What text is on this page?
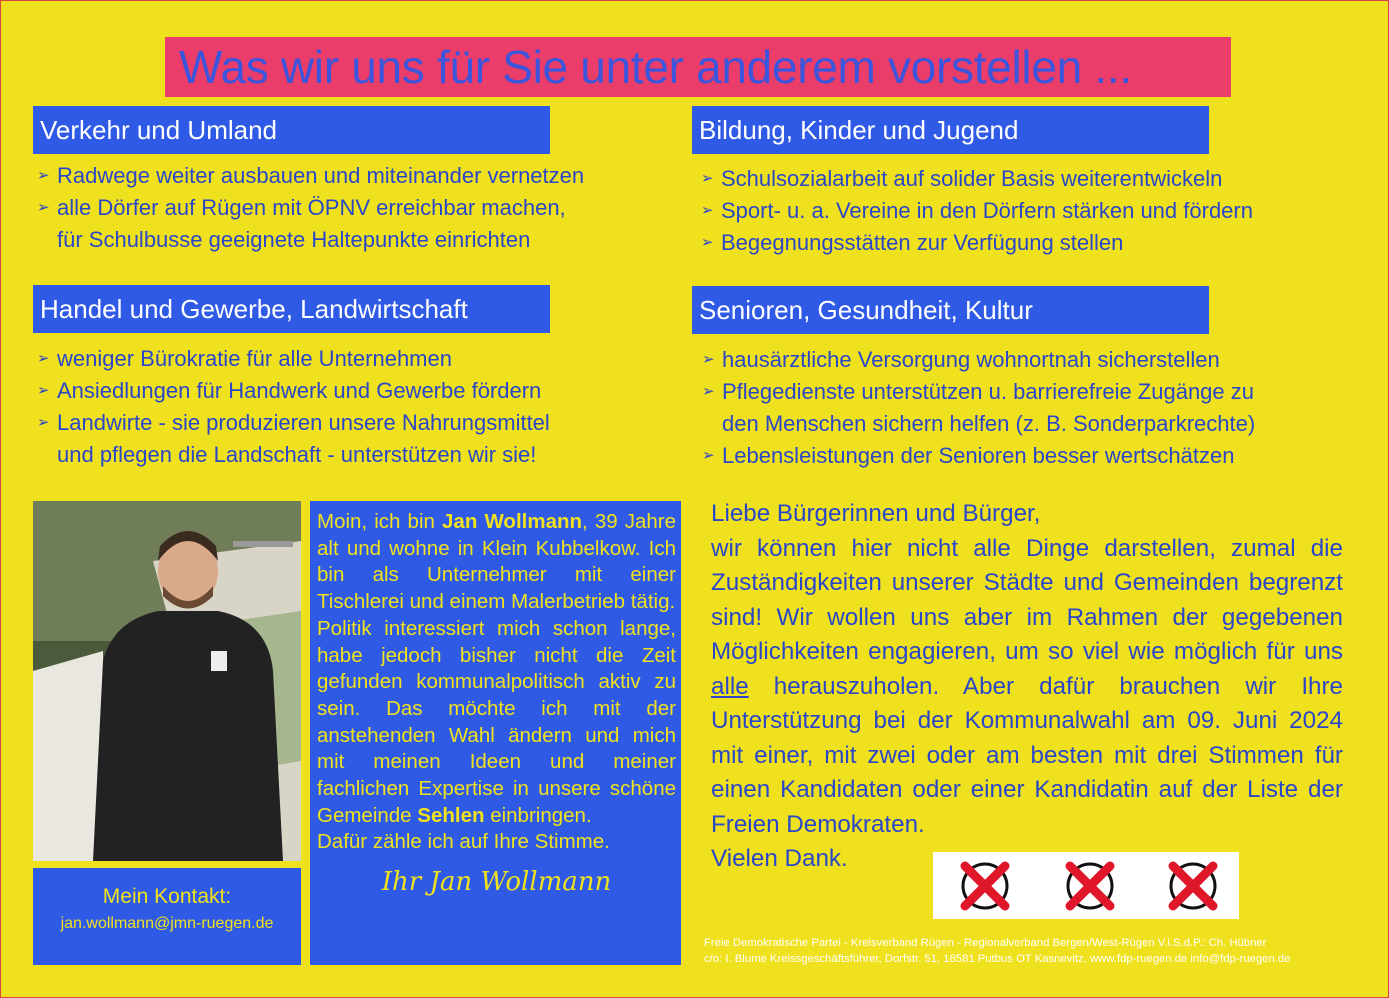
Was wir uns für Sie unter anderem vorstellen ...
Verkehr und Umland
➢ Radwege weiter ausbauen und miteinander vernetzen
➢ alle Dörfer auf Rügen mit ÖPNV erreichbar machen,
für Schulbusse geeignete Haltepunkte einrichten
Bildung, Kinder und Jugend
➢ Schulsozialarbeit auf solider Basis weiterentwickeln
➢ Sport- u. a. Vereine in den Dörfern stärken und fördern
➢ Begegnungsstätten zur Verfügung stellen
Handel und Gewerbe, Landwirtschaft
➢ weniger Bürokratie für alle Unternehmen
➢ Ansiedlungen für Handwerk und Gewerbe fördern
➢ Landwirte - sie produzieren unsere Nahrungsmittel
und pflegen die Landschaft - unterstützen wir sie!
Senioren, Gesundheit, Kultur
➢ hausärztliche Versorgung wohnortnah sicherstellen
➢ Pflegedienste unterstützen u. barrierefreie Zugänge zu
den Menschen sichern helfen (z. B. Sonderparkrechte)
➢ Lebensleistungen der Senioren besser wertschätzen
Mein Kontakt:
jan.wollmann@jmn-ruegen.de

Moin, ich bin Jan Wollmann, 39 Jahre alt und wohne in Klein Kubbelkow. Ich bin als Unternehmer mit einer Tischlerei und einem Malerbetrieb tätig.

Politik interessiert mich schon lange, habe jedoch bisher nicht die Zeit gefunden kommunalpolitisch aktiv zu sein. Das möchte ich mit der anstehenden Wahl ändern und mich mit meinen Ideen und meiner fachlichen Expertise in unsere schöne Gemeinde Sehlen einbringen.

Dafür zähle ich auf Ihre Stimme.

Ihr Jan Wollmann

Liebe Bürgerinnen und Bürger,

wir können hier nicht alle Dinge darstellen, zumal die Zuständigkeiten unserer Städte und Gemeinden begrenzt sind! Wir wollen uns aber im Rahmen der gegebenen Möglichkeiten engagieren, um so viel wie möglich für uns alle herauszuholen. Aber dafür brauchen wir Ihre Unterstützung bei der Kommunalwahl am 09. Juni 2024 mit einer, mit zwei oder am besten mit drei Stimmen für einen Kandidaten oder einer Kandidatin auf der Liste der Freien Demokraten.

Vielen Dank.

Freie Demokratische Partei - Kreisverband Rügen - Regionalverband Bergen/West-Rügen V.i.S.d.P.: Ch. Hübner
c/o: I. Blume Kreissgeschäftsführer, Dorfstr. 51, 18581 Putbus OT Kasnevitz, www.fdp-ruegen.de info@fdp-ruegen.de
